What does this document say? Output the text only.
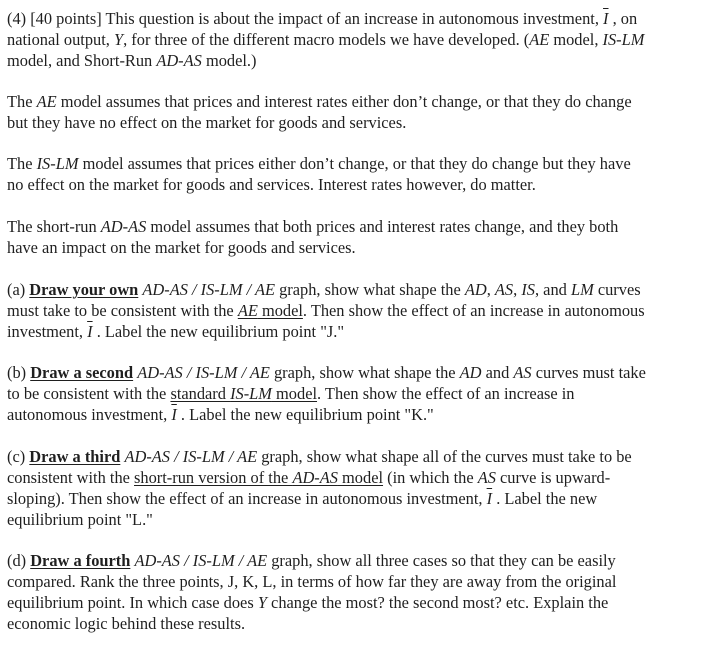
(4) [40 points] This question is about the impact of an increase in autonomous investment, $\overline{I}$ , on
national output, Y, for three of the different macro models we have developed. (AE model, IS-LM
model, and Short-Run AD-AS model.)
The AE model assumes that prices and interest rates either don’t change, or that they do change
but they have no effect on the market for goods and services.
The IS-LM model assumes that prices either don’t change, or that they do change but they have
no effect on the market for goods and services. Interest rates however, do matter.
The short-run AD-AS model assumes that both prices and interest rates change, and they both
have an impact on the market for goods and services.
(a) Draw your own AD-AS / IS-LM / AE graph, show what shape the AD, AS, IS, and LM curves
must take to be consistent with the AE model. Then show the effect of an increase in autonomous
investment, $\overline{I}$ . Label the new equilibrium point "J."
(b) Draw a second AD-AS / IS-LM / AE graph, show what shape the AD and AS curves must take
to be consistent with the standard IS-LM model. Then show the effect of an increase in
autonomous investment, $\overline{I}$ . Label the new equilibrium point "K."
(c) Draw a third AD-AS / IS-LM / AE graph, show what shape all of the curves must take to be
consistent with the short-run version of the AD-AS model (in which the AS curve is upward-
sloping). Then show the effect of an increase in autonomous investment, $\overline{I}$ . Label the new
equilibrium point "L."
(d) Draw a fourth AD-AS / IS-LM / AE graph, show all three cases so that they can be easily
compared. Rank the three points, J, K, L, in terms of how far they are away from the original
equilibrium point. In which case does Y change the most? the second most? etc. Explain the
economic logic behind these results.
